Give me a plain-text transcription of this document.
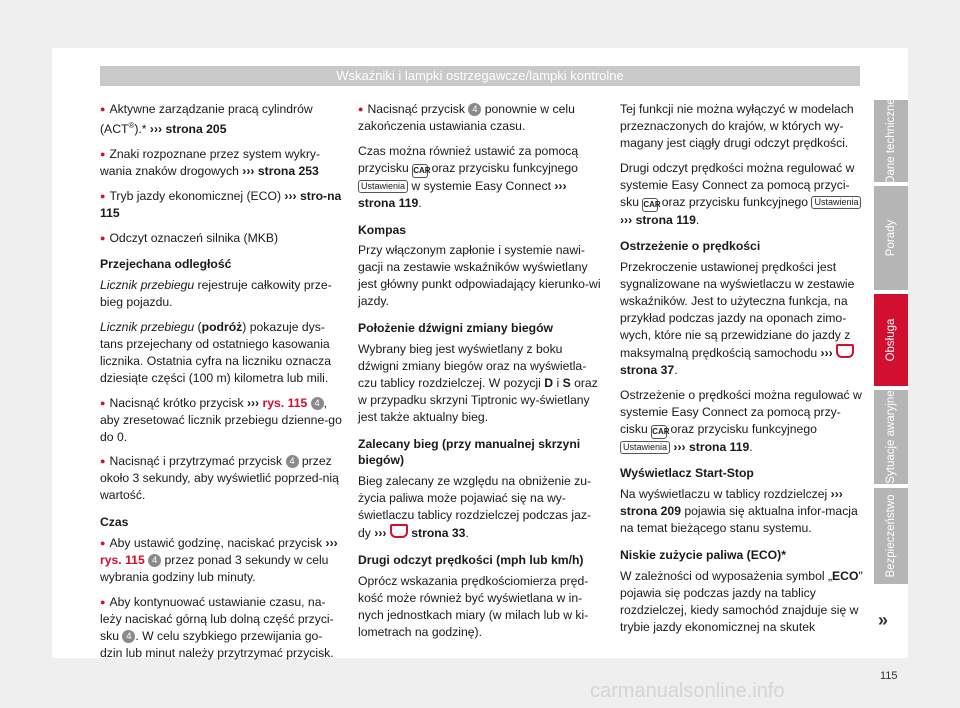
Wskaźniki i lampki ostrzegawcze/lampki kontrolne
Dane techniczne
Porady
Obsługa
Sytuacje awaryjne
Bezpieczeństwo

● Aktywne zarządzanie pracą cylindrów (ACT®).* ››› strona 205

● Znaki rozpoznane przez system wykry-wania znaków drogowych ››› strona 253

● Tryb jazdy ekonomicznej (ECO) ››› stro-na 115

● Odczyt oznaczeń silnika (MKB)

Przejechana odległość

Licznik przebiegu rejestruje całkowity prze-bieg pojazdu.

Licznik przebiegu (podróż) pokazuje dys-tans przejechany od ostatniego kasowania licznika. Ostatnia cyfra na liczniku oznacza dziesiąte części (100 m) kilometra lub mili.

● Nacisnąć krótko przycisk ››› rys. 115 4 , aby zresetować licznik przebiegu dzienne-go do 0.

● Nacisnąć i przytrzymać przycisk 4 przez około 3 sekundy, aby wyświetlić poprzed-nią wartość.

Czas

● Aby ustawić godzinę, naciskać przycisk ››› rys. 115 4 przez ponad 3 sekundy w celu wybrania godziny lub minuty.

● Aby kontynuować ustawianie czasu, na-leży naciskać górną lub dolną część przyci-sku 4 . W celu szybkiego przewijania go-dzin lub minut należy przytrzymać przycisk.

● Nacisnąć przycisk 4 ponownie w celu zakończenia ustawiania czasu.

Czas można również ustawić za pomocą przycisku CAR oraz przycisku funkcyjnego Ustawienia w systemie Easy Connect ››› strona 119.

Kompas

Przy włączonym zapłonie i systemie nawi-gacji na zestawie wskaźników wyświetlany jest główny punkt odpowiadający kierunko-wi jazdy.

Położenie dźwigni zmiany biegów

Wybrany bieg jest wyświetlany z boku dźwigni zmiany biegów oraz na wyświetla-czu tablicy rozdzielczej. W pozycji D i S oraz w przypadku skrzyni Tiptronic wy-świetlany jest także aktualny bieg.

Zalecany bieg (przy manualnej skrzyni biegów)

Bieg zalecany ze względu na obniżenie zu-życia paliwa może pojawiać się na wy-świetlaczu tablicy rozdzielczej podczas jaz-dy ››› strona 33.

Drugi odczyt prędkości (mph lub km/h)

Oprócz wskazania prędkościomierza pręd-kość może również być wyświetlana w in-nych jednostkach miary (w milach lub w ki-lometrach na godzinę).

Tej funkcji nie można wyłączyć w modelach przeznaczonych do krajów, w których wy-magany jest ciągły drugi odczyt prędkości.

Drugi odczyt prędkości można regulować w systemie Easy Connect za pomocą przyci-sku CAR oraz przycisku funkcyjnego Ustawienia ››› strona 119.

Ostrzeżenie o prędkości

Przekroczenie ustawionej prędkości jest sygnalizowane na wyświetlaczu w zestawie wskaźników. Jest to użyteczna funkcja, na przykład podczas jazdy na oponach zimo-wych, które nie są przewidziane do jazdy z maksymalną prędkością samochodu ›››  strona 37.

Ostrzeżenie o prędkości można regulować w systemie Easy Connect za pomocą przy-cisku CAR oraz przycisku funkcyjnego Ustawienia ››› strona 119.

Wyświetlacz Start-Stop

Na wyświetlaczu w tablicy rozdzielczej ››› strona 209 pojawia się aktualna infor-macja na temat bieżącego stanu systemu.

Niskie zużycie paliwa (ECO)*

W zależności od wyposażenia symbol „ECO" pojawia się podczas jazdy na tablicy rozdzielczej, kiedy samochód znajduje się w trybie jazdy ekonomicznej na skutek	»
115
carmanualsonline.info
